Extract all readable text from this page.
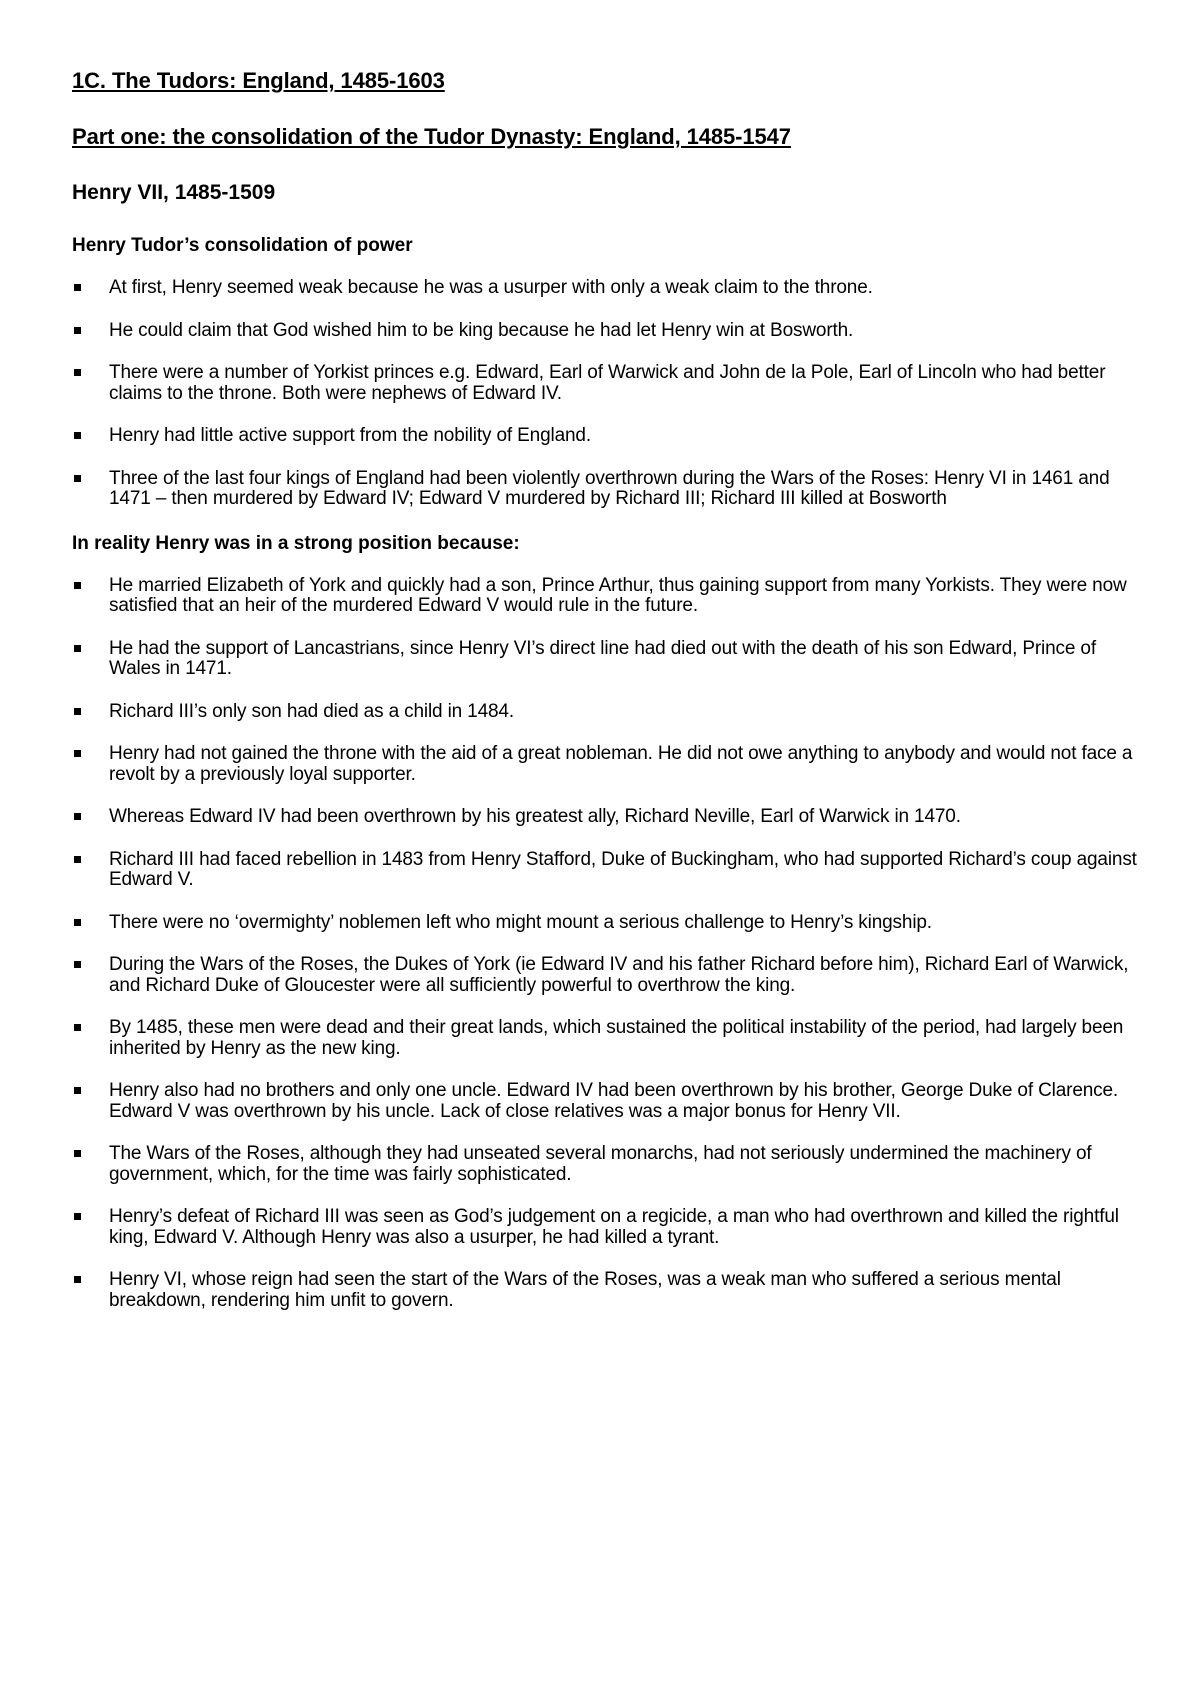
1C. The Tudors: England, 1485-1603
Part one: the consolidation of the Tudor Dynasty: England, 1485-1547
Henry VII, 1485-1509
Henry Tudor’s consolidation of power
At first, Henry seemed weak because he was a usurper with only a weak claim to the throne.
He could claim that God wished him to be king because he had let Henry win at Bosworth.
There were a number of Yorkist princes e.g. Edward, Earl of Warwick and John de la Pole, Earl of Lincoln who had better claims to the throne. Both were nephews of Edward IV.
Henry had little active support from the nobility of England.
Three of the last four kings of England had been violently overthrown during the Wars of the Roses: Henry VI in 1461 and 1471 – then murdered by Edward IV; Edward V murdered by Richard III; Richard III killed at Bosworth
In reality Henry was in a strong position because:
He married Elizabeth of York and quickly had a son, Prince Arthur, thus gaining support from many Yorkists. They were now satisfied that an heir of the murdered Edward V would rule in the future.
He had the support of Lancastrians, since Henry VI’s direct line had died out with the death of his son Edward, Prince of Wales in 1471.
Richard III’s only son had died as a child in 1484.
Henry had not gained the throne with the aid of a great nobleman. He did not owe anything to anybody and would not face a revolt by a previously loyal supporter.
Whereas Edward IV had been overthrown by his greatest ally, Richard Neville, Earl of Warwick in 1470.
Richard III had faced rebellion in 1483 from Henry Stafford, Duke of Buckingham, who had supported Richard’s coup against Edward V.
There were no ‘overmighty’ noblemen left who might mount a serious challenge to Henry’s kingship.
During the Wars of the Roses, the Dukes of York (ie Edward IV and his father Richard before him), Richard Earl of Warwick, and Richard Duke of Gloucester were all sufficiently powerful to overthrow the king.
By 1485, these men were dead and their great lands, which sustained the political instability of the period, had largely been inherited by Henry as the new king.
Henry also had no brothers and only one uncle. Edward IV had been overthrown by his brother, George Duke of Clarence. Edward V was overthrown by his uncle. Lack of close relatives was a major bonus for Henry VII.
The Wars of the Roses, although they had unseated several monarchs, had not seriously undermined the machinery of government, which, for the time was fairly sophisticated.
Henry’s defeat of Richard III was seen as God’s judgement on a regicide, a man who had overthrown and killed the rightful king, Edward V. Although Henry was also a usurper, he had killed a tyrant.
Henry VI, whose reign had seen the start of the Wars of the Roses, was a weak man who suffered a serious mental breakdown, rendering him unfit to govern.
